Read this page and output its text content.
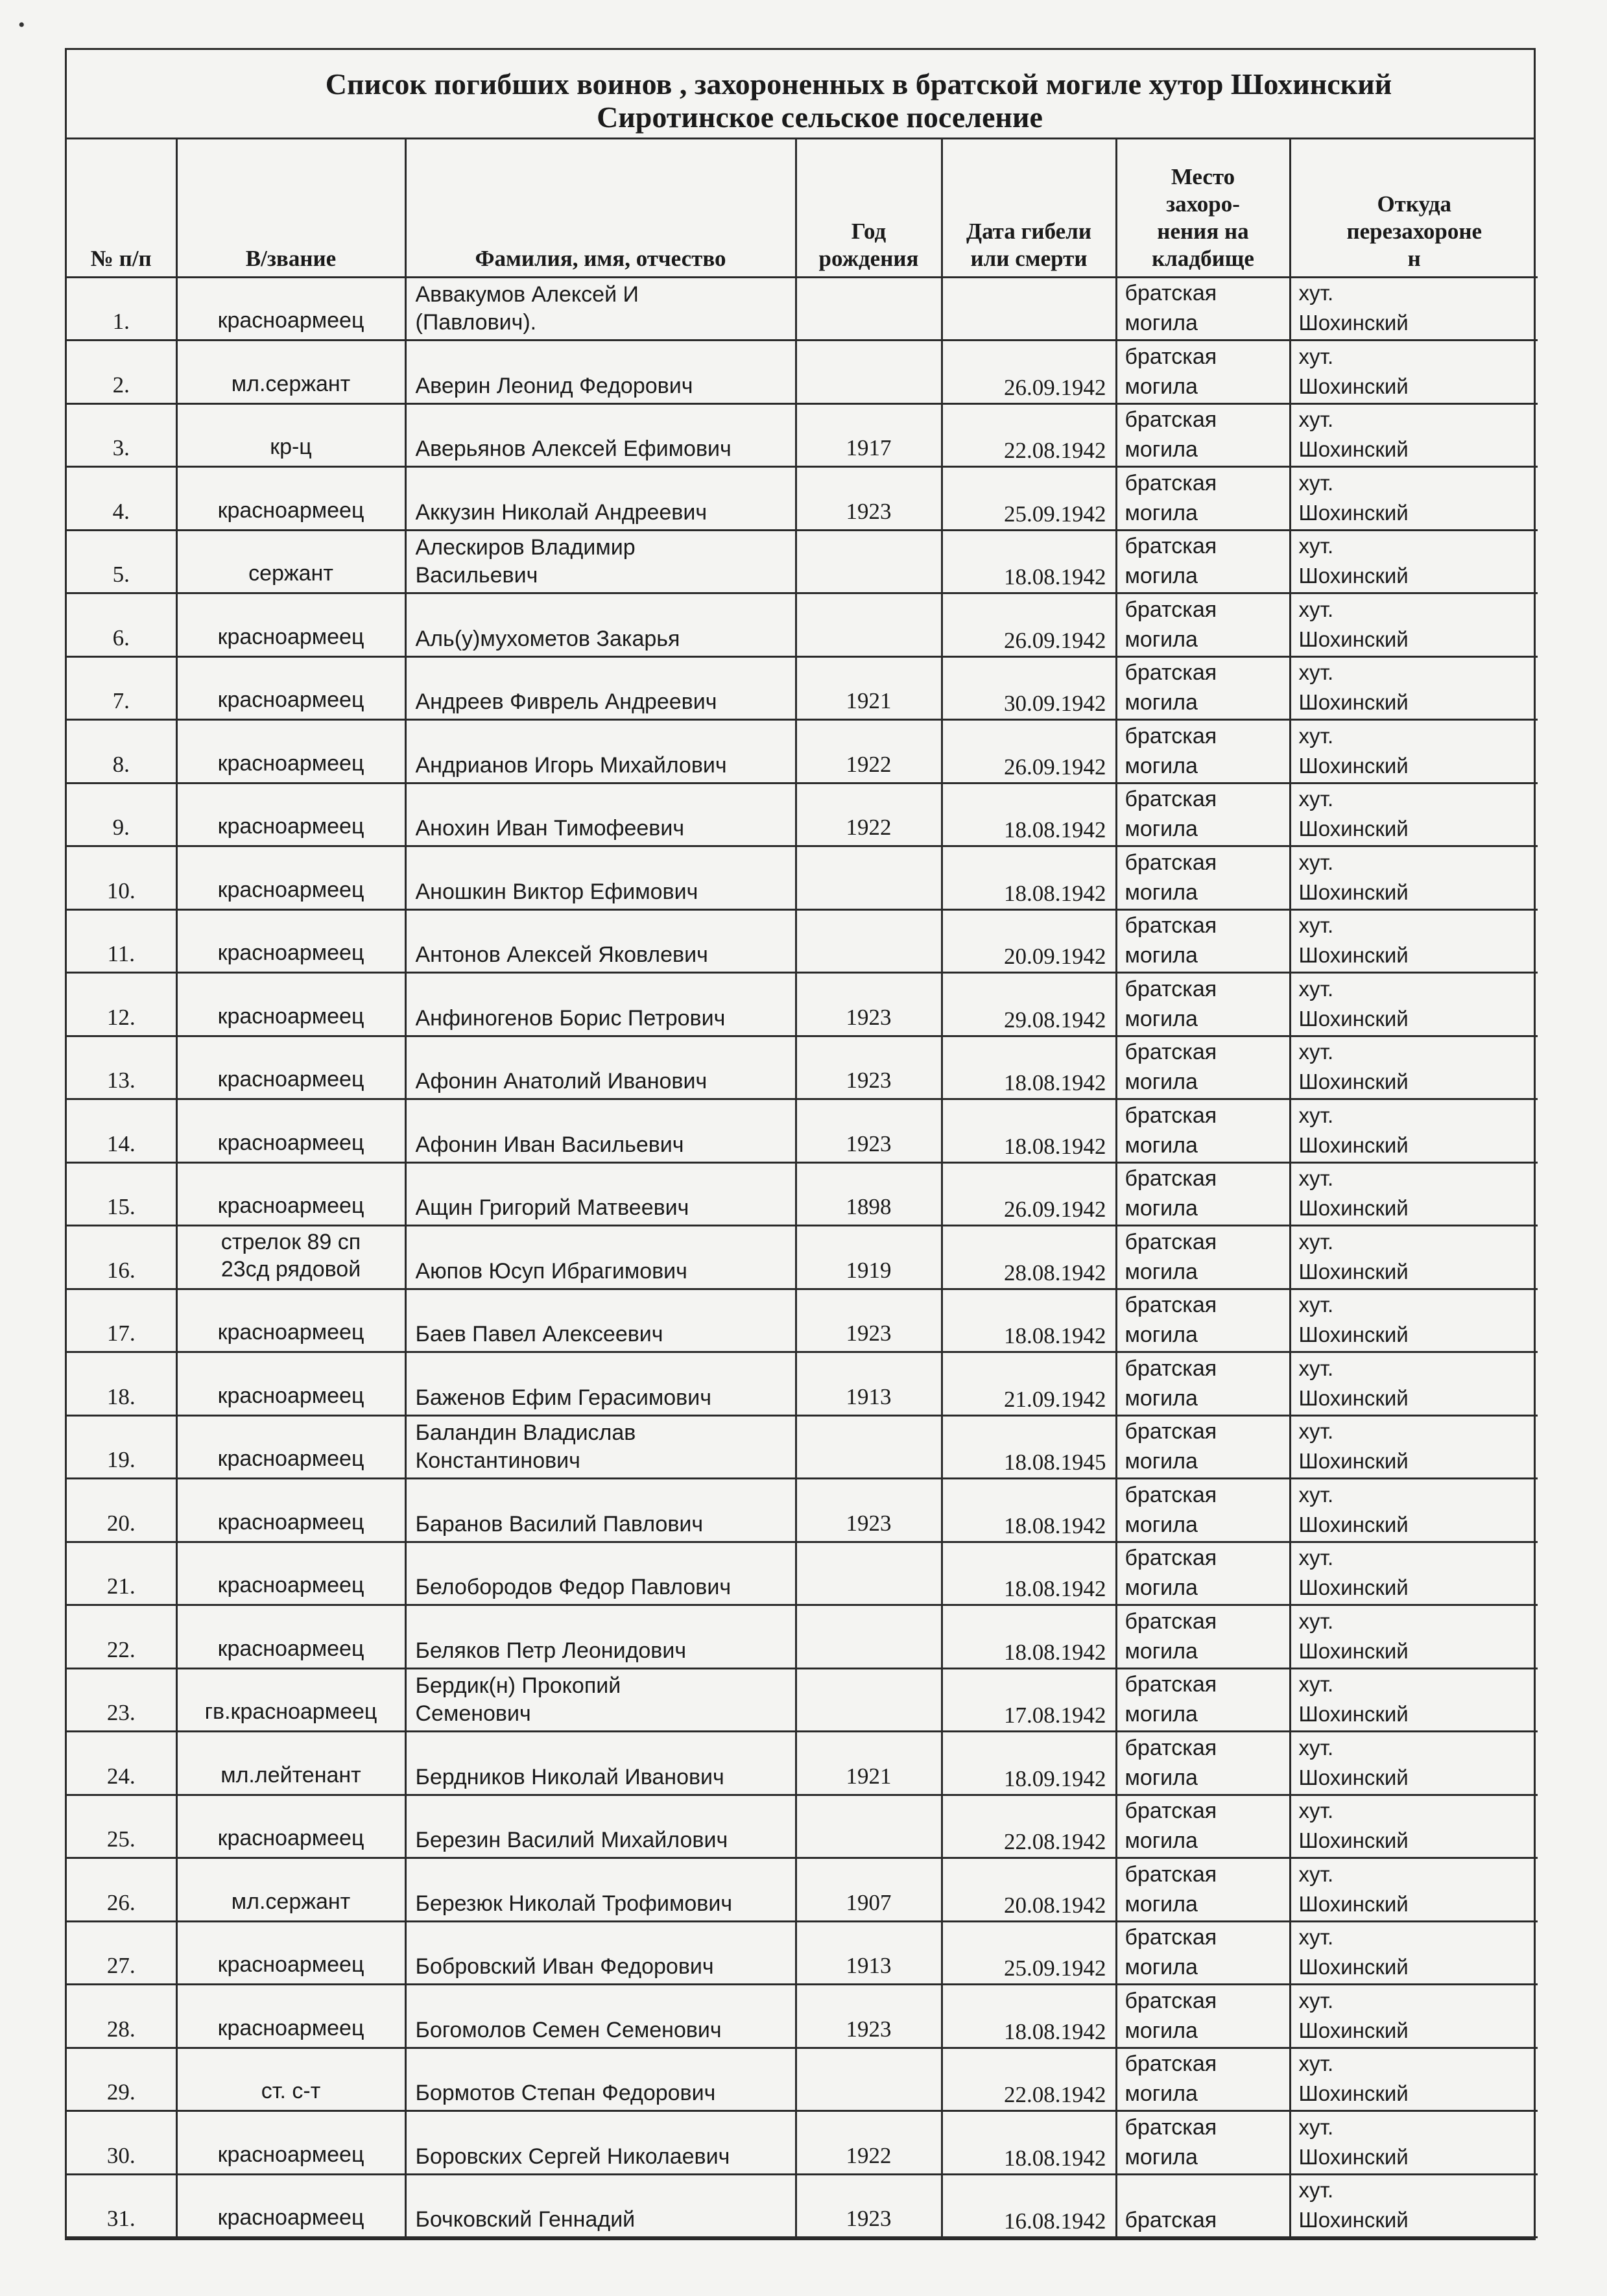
•
Список погибших воинов , захороненных в братской могиле хутор Шохинский
Сиротинское сельское поселение
№ п/п	В/звание	Фамилия, имя, отчество	Год
рождения	Дата гибели
или смерти	Место
захоро-
нения на
кладбище	Откуда
перезахороне
н

1.	красноармеец	Аввакумов Алексей И
(Павлович).			братская
могила	хут.
Шохинский

2.	мл.сержант	Аверин Леонид Федорович		26.09.1942	братская
могила	хут.
Шохинский

3.	кр-ц	Аверьянов Алексей Ефимович	1917	22.08.1942	братская
могила	хут.
Шохинский

4.	красноармеец	Аккузин Николай Андреевич	1923	25.09.1942	братская
могила	хут.
Шохинский

5.	сержант	Алескиров Владимир
Васильевич		18.08.1942	братская
могила	хут.
Шохинский

6.	красноармеец	Аль(у)мухометов Закарья		26.09.1942	братская
могила	хут.
Шохинский

7.	красноармеец	Андреев Фиврель Андреевич	1921	30.09.1942	братская
могила	хут.
Шохинский

8.	красноармеец	Андрианов Игорь Михайлович	1922	26.09.1942	братская
могила	хут.
Шохинский

9.	красноармеец	Анохин Иван Тимофеевич	1922	18.08.1942	братская
могила	хут.
Шохинский

10.	красноармеец	Аношкин Виктор Ефимович		18.08.1942	братская
могила	хут.
Шохинский

11.	красноармеец	Антонов Алексей Яковлевич		20.09.1942	братская
могила	хут.
Шохинский

12.	красноармеец	Анфиногенов Борис Петрович	1923	29.08.1942	братская
могила	хут.
Шохинский

13.	красноармеец	Афонин Анатолий Иванович	1923	18.08.1942	братская
могила	хут.
Шохинский

14.	красноармеец	Афонин Иван Васильевич	1923	18.08.1942	братская
могила	хут.
Шохинский

15.	красноармеец	Ащин Григорий Матвеевич	1898	26.09.1942	братская
могила	хут.
Шохинский

16.	стрелок 89 сп
23сд рядовой	Аюпов Юсуп Ибрагимович	1919	28.08.1942	братская
могила	хут.
Шохинский

17.	красноармеец	Баев Павел Алексеевич	1923	18.08.1942	братская
могила	хут.
Шохинский

18.	красноармеец	Баженов Ефим Герасимович	1913	21.09.1942	братская
могила	хут.
Шохинский

19.	красноармеец	Баландин Владислав
Константинович		18.08.1945	братская
могила	хут.
Шохинский

20.	красноармеец	Баранов Василий Павлович	1923	18.08.1942	братская
могила	хут.
Шохинский

21.	красноармеец	Белобородов Федор Павлович		18.08.1942	братская
могила	хут.
Шохинский

22.	красноармеец	Беляков Петр Леонидович		18.08.1942	братская
могила	хут.
Шохинский

23.	гв.красноармеец	Бердик(н) Прокопий
Семенович		17.08.1942	братская
могила	хут.
Шохинский

24.	мл.лейтенант	Бердников Николай Иванович	1921	18.09.1942	братская
могила	хут.
Шохинский

25.	красноармеец	Березин Василий Михайлович		22.08.1942	братская
могила	хут.
Шохинский

26.	мл.сержант	Березюк Николай Трофимович	1907	20.08.1942	братская
могила	хут.
Шохинский

27.	красноармеец	Бобровский Иван Федорович	1913	25.09.1942	братская
могила	хут.
Шохинский

28.	красноармеец	Богомолов Семен Семенович	1923	18.08.1942	братская
могила	хут.
Шохинский

29.	ст. с-т	Бормотов Степан Федорович		22.08.1942	братская
могила	хут.
Шохинский

30.	красноармеец	Боровских Сергей Николаевич	1922	18.08.1942	братская
могила	хут.
Шохинский

31.	красноармеец	Бочковский Геннадий	1923	16.08.1942	братская	хут.
Шохинский
